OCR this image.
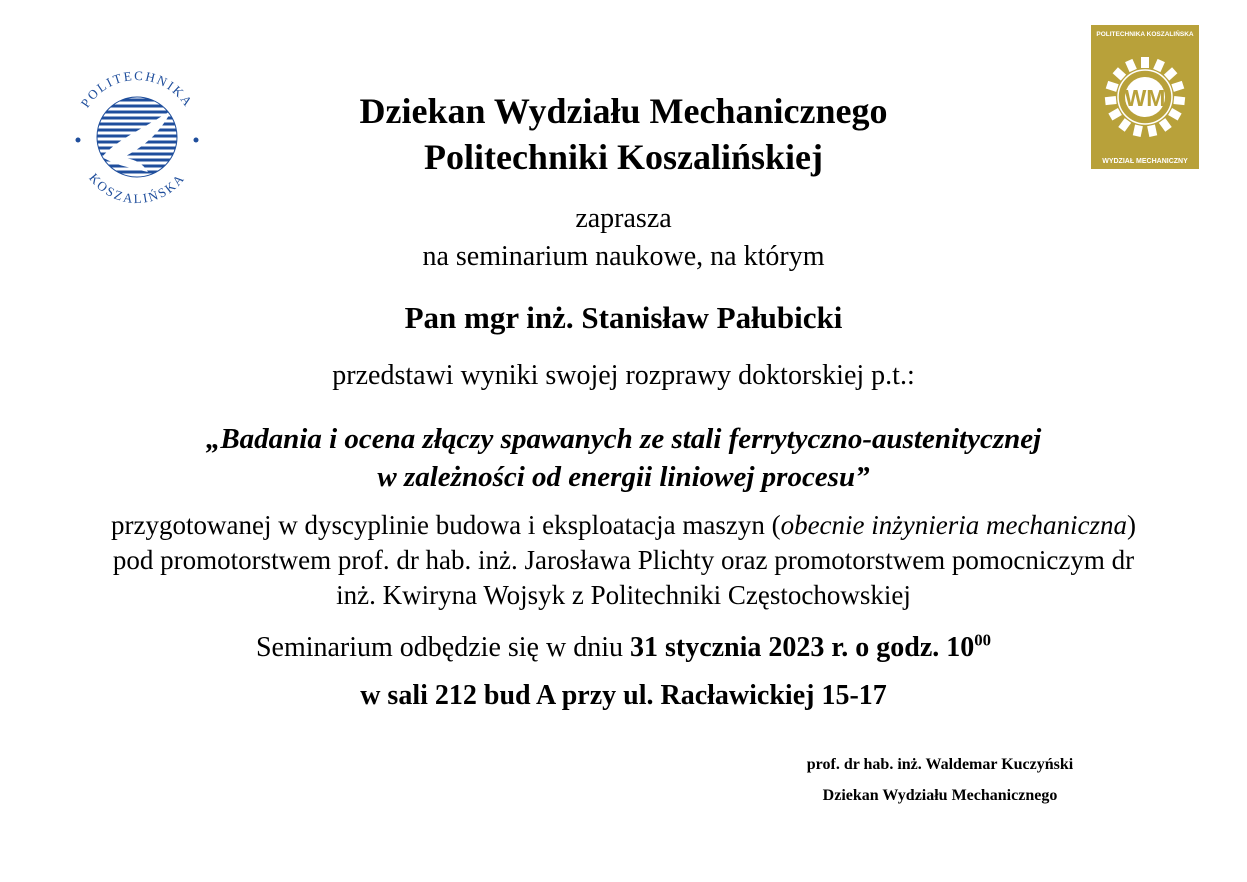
POLITECHNIKA
KOSZALIŃSKA
POLITECHNIKA KOSZALIŃSKA
WM
WYDZIAŁ MECHANICZNY
Dziekan Wydziału Mechanicznego
Politechniki Koszalińskiej
zaprasza
na seminarium naukowe, na którym
Pan mgr inż. Stanisław Pałubicki
przedstawi wyniki swojej rozprawy doktorskiej p.t.:
„Badania i ocena złączy spawanych ze stali ferrytyczno-austenitycznej
w zależności od energii liniowej procesu”
przygotowanej w dyscyplinie budowa i eksploatacja maszyn (obecnie inżynieria mechaniczna) pod promotorstwem prof. dr hab. inż. Jarosława Plichty oraz promotorstwem pomocniczym dr inż. Kwiryna Wojsyk z Politechniki Częstochowskiej
Seminarium odbędzie się w dniu 31 stycznia 2023 r. o godz. $10^{00}$
w sali 212 bud A przy ul. Racławickiej 15-17
prof. dr hab. inż. Waldemar Kuczyński
Dziekan Wydziału Mechanicznego
